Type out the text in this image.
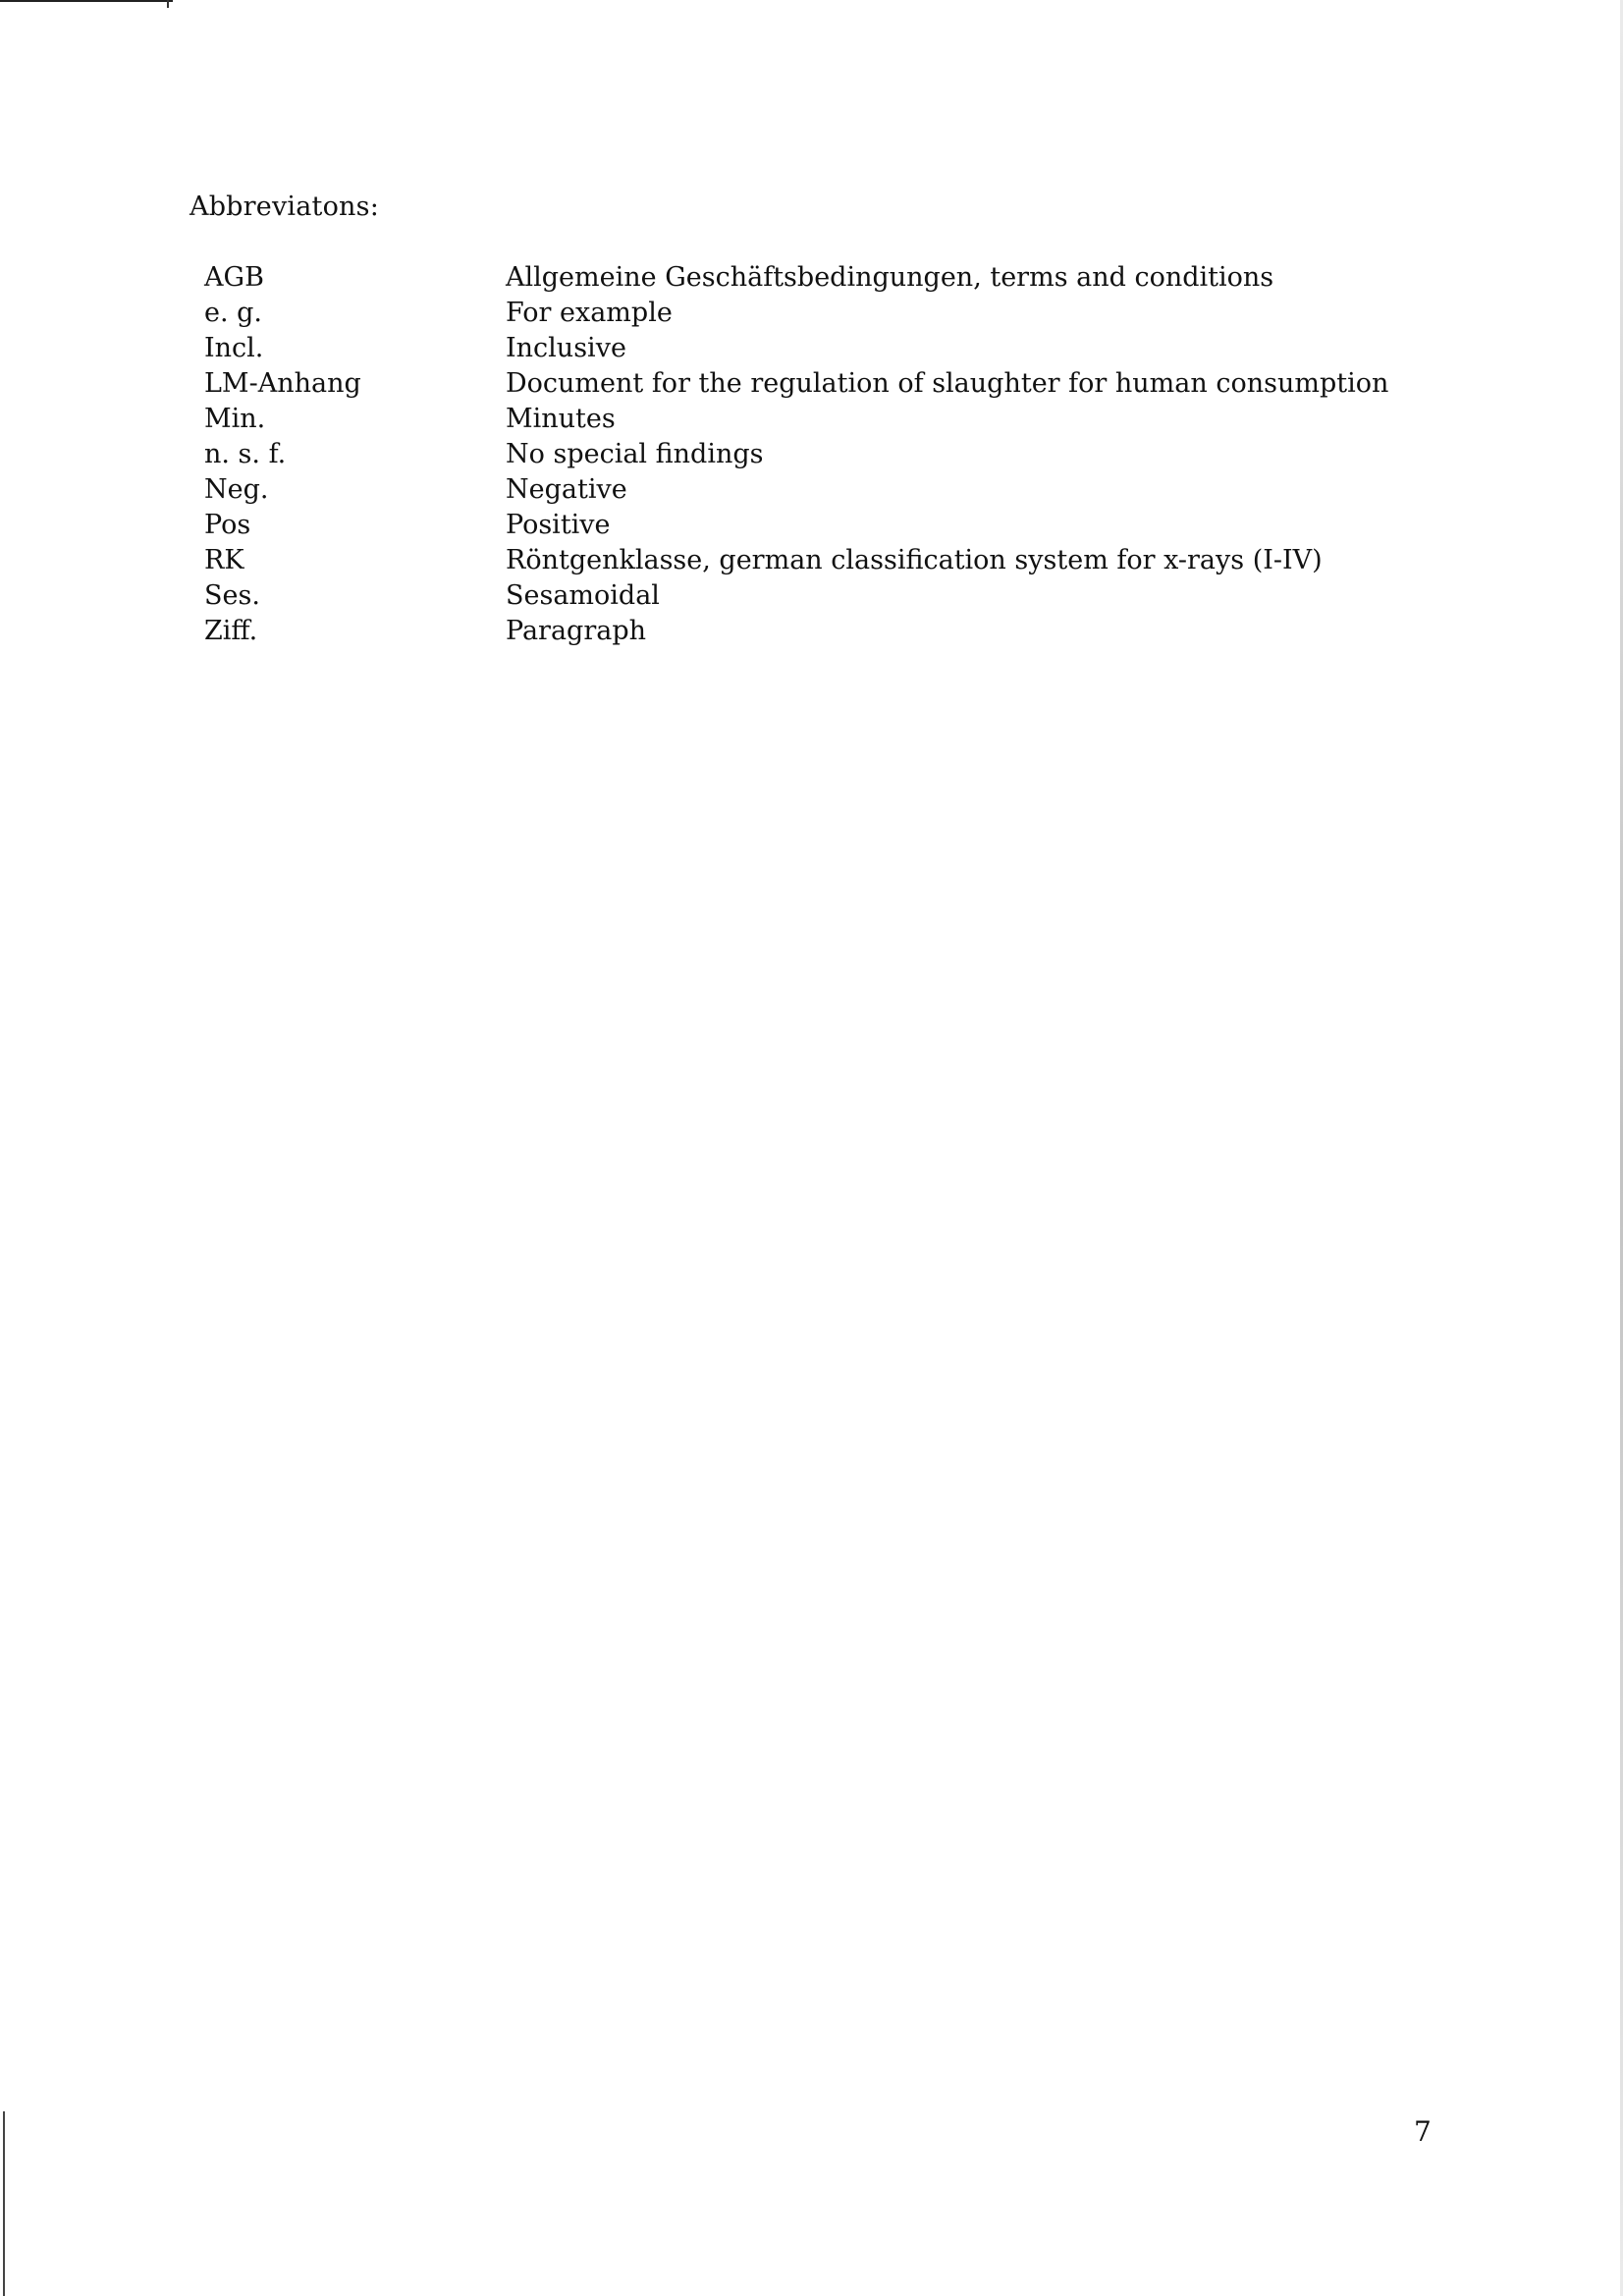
Abbreviatons:
AGB	Allgemeine Geschäftsbedingungen, terms and conditions
e. g.	For example
Incl.	Inclusive
LM-Anhang	Document for the regulation of slaughter for human consumption
Min.	Minutes
n. s. f.	No special findings
Neg.	Negative
Pos	Positive
RK	Röntgenklasse, german classification system for x-rays (I-IV)
Ses.	Sesamoidal
Ziff.	Paragraph
7
